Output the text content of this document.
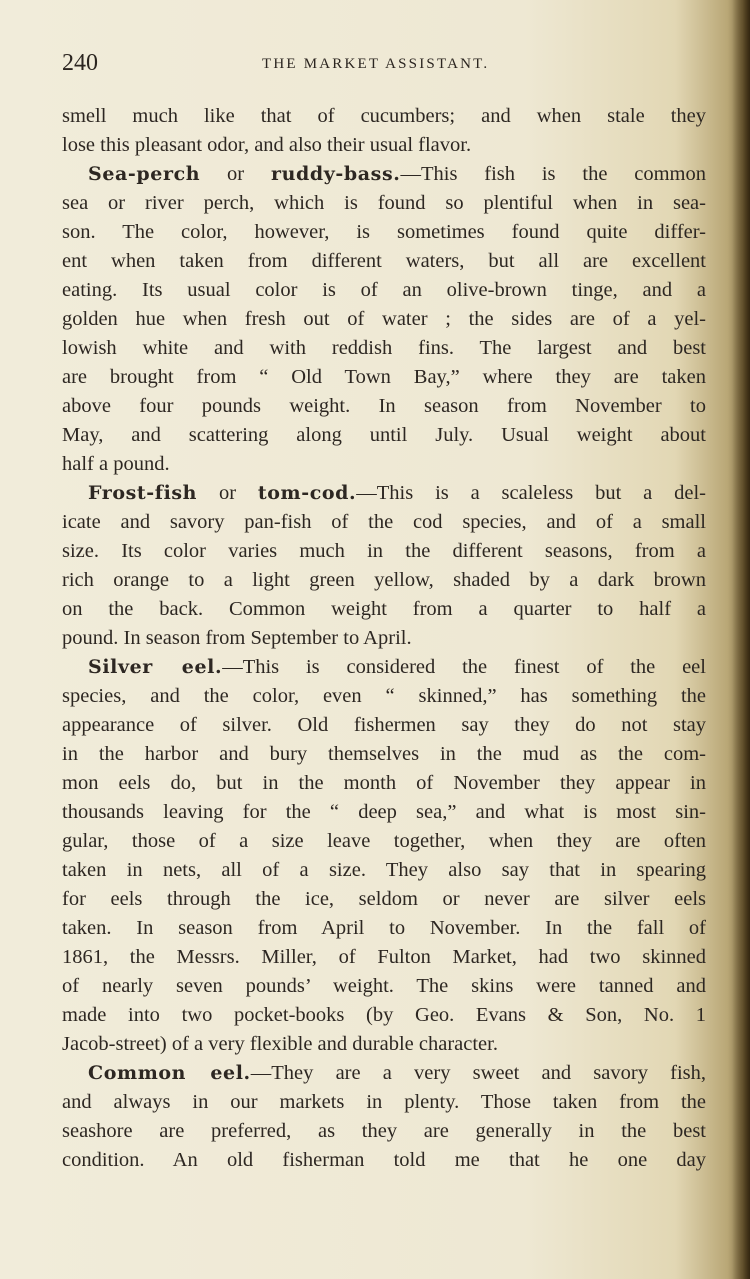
240	THE MARKET ASSISTANT.
smell much like that of cucumbers; and when stale they
lose this pleasant odor, and also their usual flavor.
Sea-perch or ruddy-bass.—This fish is the common
sea or river perch, which is found so plentiful when in sea-
son. The color, however, is sometimes found quite differ-
ent when taken from different waters, but all are excellent
eating. Its usual color is of an olive-brown tinge, and a
golden hue when fresh out of water ; the sides are of a yel-
lowish white and with reddish fins. The largest and best
are brought from “ Old Town Bay,” where they are taken
above four pounds weight. In season from November to
May, and scattering along until July. Usual weight about
half a pound.
Frost-fish or tom-cod.—This is a scaleless but a del-
icate and savory pan-fish of the cod species, and of a small
size. Its color varies much in the different seasons, from a
rich orange to a light green yellow, shaded by a dark brown
on the back. Common weight from a quarter to half a
pound. In season from September to April.
Silver eel.—This is considered the finest of the eel
species, and the color, even “ skinned,” has something the
appearance of silver. Old fishermen say they do not stay
in the harbor and bury themselves in the mud as the com-
mon eels do, but in the month of November they appear in
thousands leaving for the “ deep sea,” and what is most sin-
gular, those of a size leave together, when they are often
taken in nets, all of a size. They also say that in spearing
for eels through the ice, seldom or never are silver eels
taken. In season from April to November. In the fall of
1861, the Messrs. Miller, of Fulton Market, had two skinned
of nearly seven pounds’ weight. The skins were tanned and
made into two pocket-books (by Geo. Evans & Son, No. 1
Jacob-street) of a very flexible and durable character.
Common eel.—They are a very sweet and savory fish,
and always in our markets in plenty. Those taken from the
seashore are preferred, as they are generally in the best
condition. An old fisherman told me that he one day
